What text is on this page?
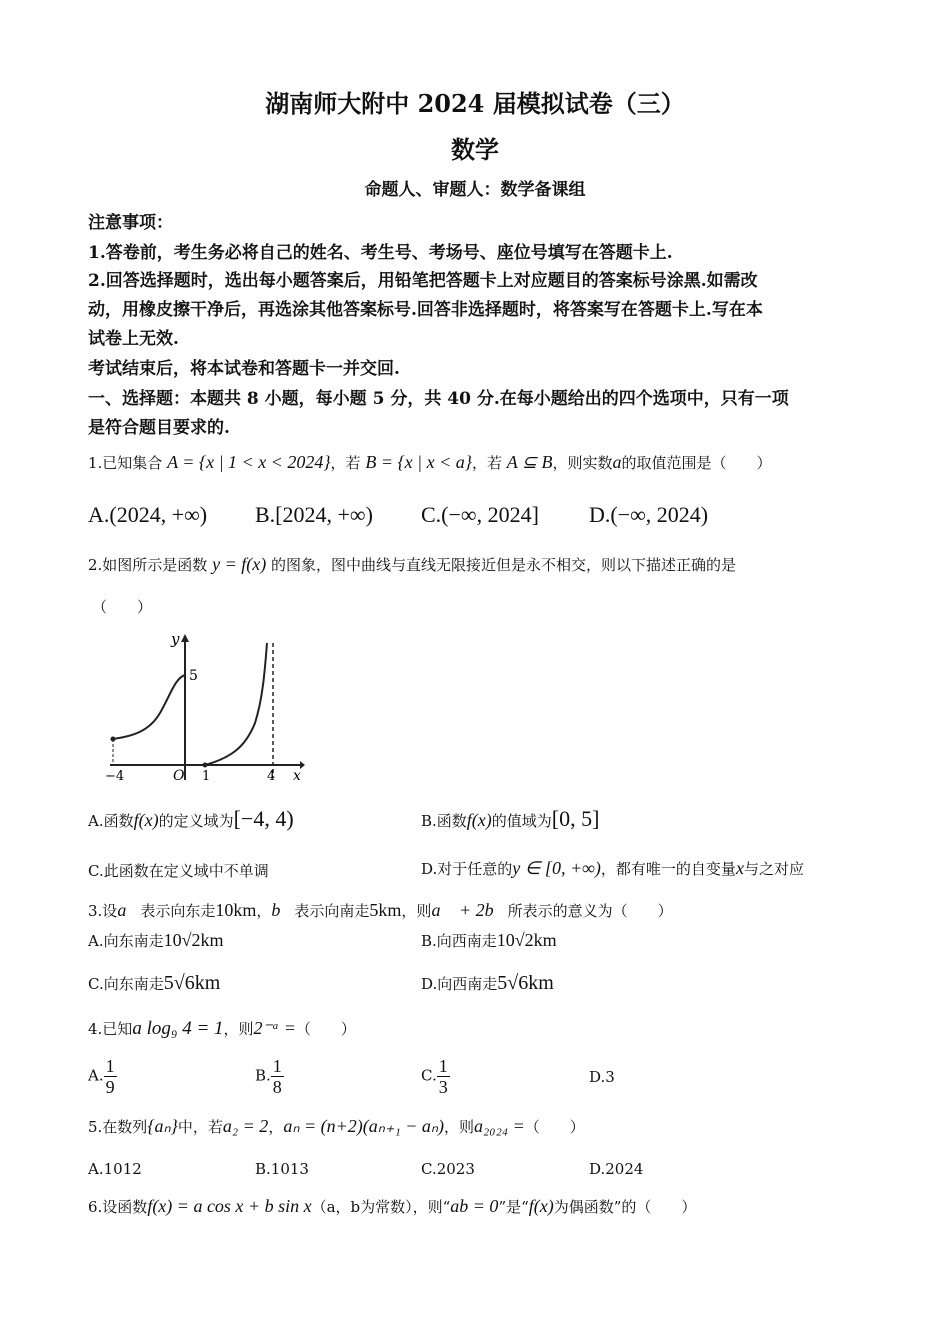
湖南师大附中 2024 届模拟试卷（三）
数学
命题人、审题人：数学备课组
注意事项：
1.答卷前，考生务必将自己的姓名、考生号、考场号、座位号填写在答题卡上.
2.回答选择题时，选出每小题答案后，用铅笔把答题卡上对应题目的答案标号涂黑.如需改
动，用橡皮擦干净后，再选涂其他答案标号.回答非选择题时，将答案写在答题卡上.写在本
试卷上无效.
考试结束后，将本试卷和答题卡一并交回.
一、选择题：本题共 8 小题，每小题 5 分，共 40 分.在每小题给出的四个选项中，只有一项
是符合题目要求的.
1.已知集合 A = {x | 1 < x < 2024}，若 B = {x | x < a}，若 A ⊆ B，则实数a的取值范围是（　　）
A.(2024, +∞) B.[2024, +∞) C.(−∞, 2024] D.(−∞, 2024)
2.如图所示是函数 y = f(x) 的图象，图中曲线与直线无限接近但是永不相交，则以下描述正确的是
（　　）
y
x
5
O
−4	1	4
A.函数f(x)的定义域为[−4, 4)	B.函数f(x)的值域为[0, 5]
C.此函数在定义域中不单调	D.对于任意的y ∈ [0, +∞)，都有唯一的自变量x与之对应
3.设a⃗表示向东走10km，b⃗表示向南走5km，则a⃗ + 2b⃗所表示的意义为（　　）
A.向东南走10√2km	B.向西南走10√2km
C.向东南走5√6km	D.向西南走5√6km
4.已知a log₉ 4 = 1，则2⁻ᵃ =（　　）
A. $\frac{1}{9}$	B. $\frac{1}{8}$	C. $\frac{1}{3}$	D.3
5.在数列{aₙ}中，若a₂ = 2，aₙ = (n+2)(aₙ₊₁ − aₙ)，则a₂₀₂₄ =（　　）
A.1012	B.1013	C.2023	D.2024
6.设函数f(x) = a cos x + b sin x（a，b为常数），则“ab = 0”是“f(x)为偶函数”的（　　）
